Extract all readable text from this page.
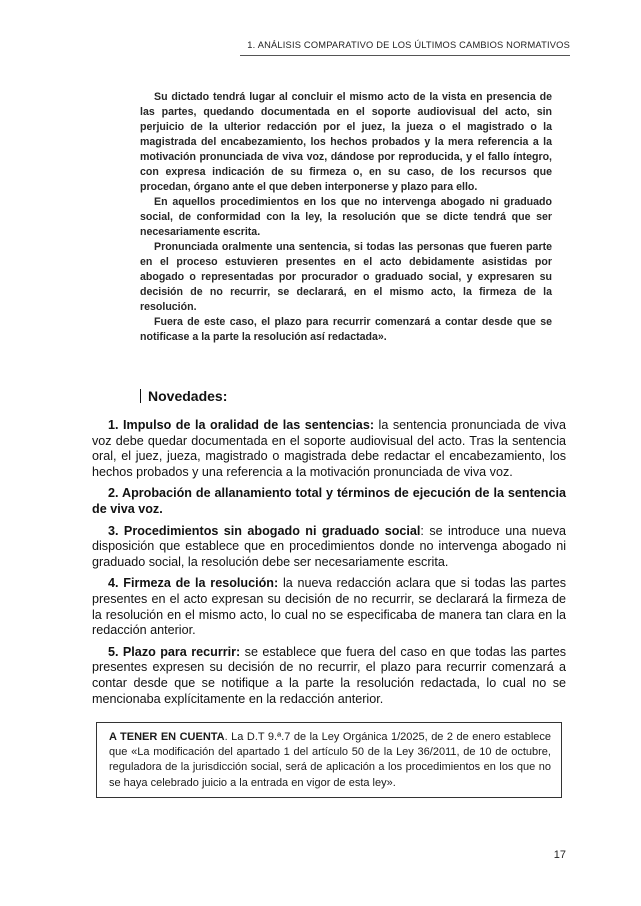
1. ANÁLISIS COMPARATIVO DE LOS ÚLTIMOS CAMBIOS NORMATIVOS

Su dictado tendrá lugar al concluir el mismo acto de la vista en presencia de las partes, quedando documentada en el soporte audiovisual del acto, sin perjuicio de la ulterior redacción por el juez, la jueza o el magistrado o la magistrada del encabezamiento, los hechos probados y la mera referencia a la motivación pronunciada de viva voz, dándose por reproducida, y el fallo íntegro, con expresa indicación de su firmeza o, en su caso, de los recursos que procedan, órgano ante el que deben interponerse y plazo para ello.

En aquellos procedimientos en los que no intervenga abogado ni graduado social, de conformidad con la ley, la resolución que se dicte tendrá que ser necesariamente escrita.

Pronunciada oralmente una sentencia, si todas las personas que fueren parte en el proceso estuvieren presentes en el acto debidamente asistidas por abogado o representadas por procurador o graduado social, y expresaren su decisión de no recurrir, se declarará, en el mismo acto, la firmeza de la resolución.

Fuera de este caso, el plazo para recurrir comenzará a contar desde que se notificase a la parte la resolución así redactada».

Novedades:

1. Impulso de la oralidad de las sentencias: la sentencia pronunciada de viva voz debe quedar documentada en el soporte audiovisual del acto. Tras la sentencia oral, el juez, jueza, magistrado o magistrada debe redactar el encabezamiento, los hechos probados y una referencia a la motivación pronunciada de viva voz.

2. Aprobación de allanamiento total y términos de ejecución de la sentencia de viva voz.

3. Procedimientos sin abogado ni graduado social: se introduce una nueva disposición que establece que en procedimientos donde no intervenga abogado ni graduado social, la resolución debe ser necesariamente escrita.

4. Firmeza de la resolución: la nueva redacción aclara que si todas las partes presentes en el acto expresan su decisión de no recurrir, se declarará la firmeza de la resolución en el mismo acto, lo cual no se especificaba de manera tan clara en la redacción anterior.

5. Plazo para recurrir: se establece que fuera del caso en que todas las partes presentes expresen su decisión de no recurrir, el plazo para recurrir comenzará a contar desde que se notifique a la parte la resolución redactada, lo cual no se mencionaba explícitamente en la redacción anterior.

A TENER EN CUENTA. La D.T 9.ª.7 de la Ley Orgánica 1/2025, de 2 de enero establece que «La modificación del apartado 1 del artículo 50 de la Ley 36/2011, de 10 de octubre, reguladora de la jurisdicción social, será de aplicación a los procedimientos en los que no se haya celebrado juicio a la entrada en vigor de esta ley».
17
